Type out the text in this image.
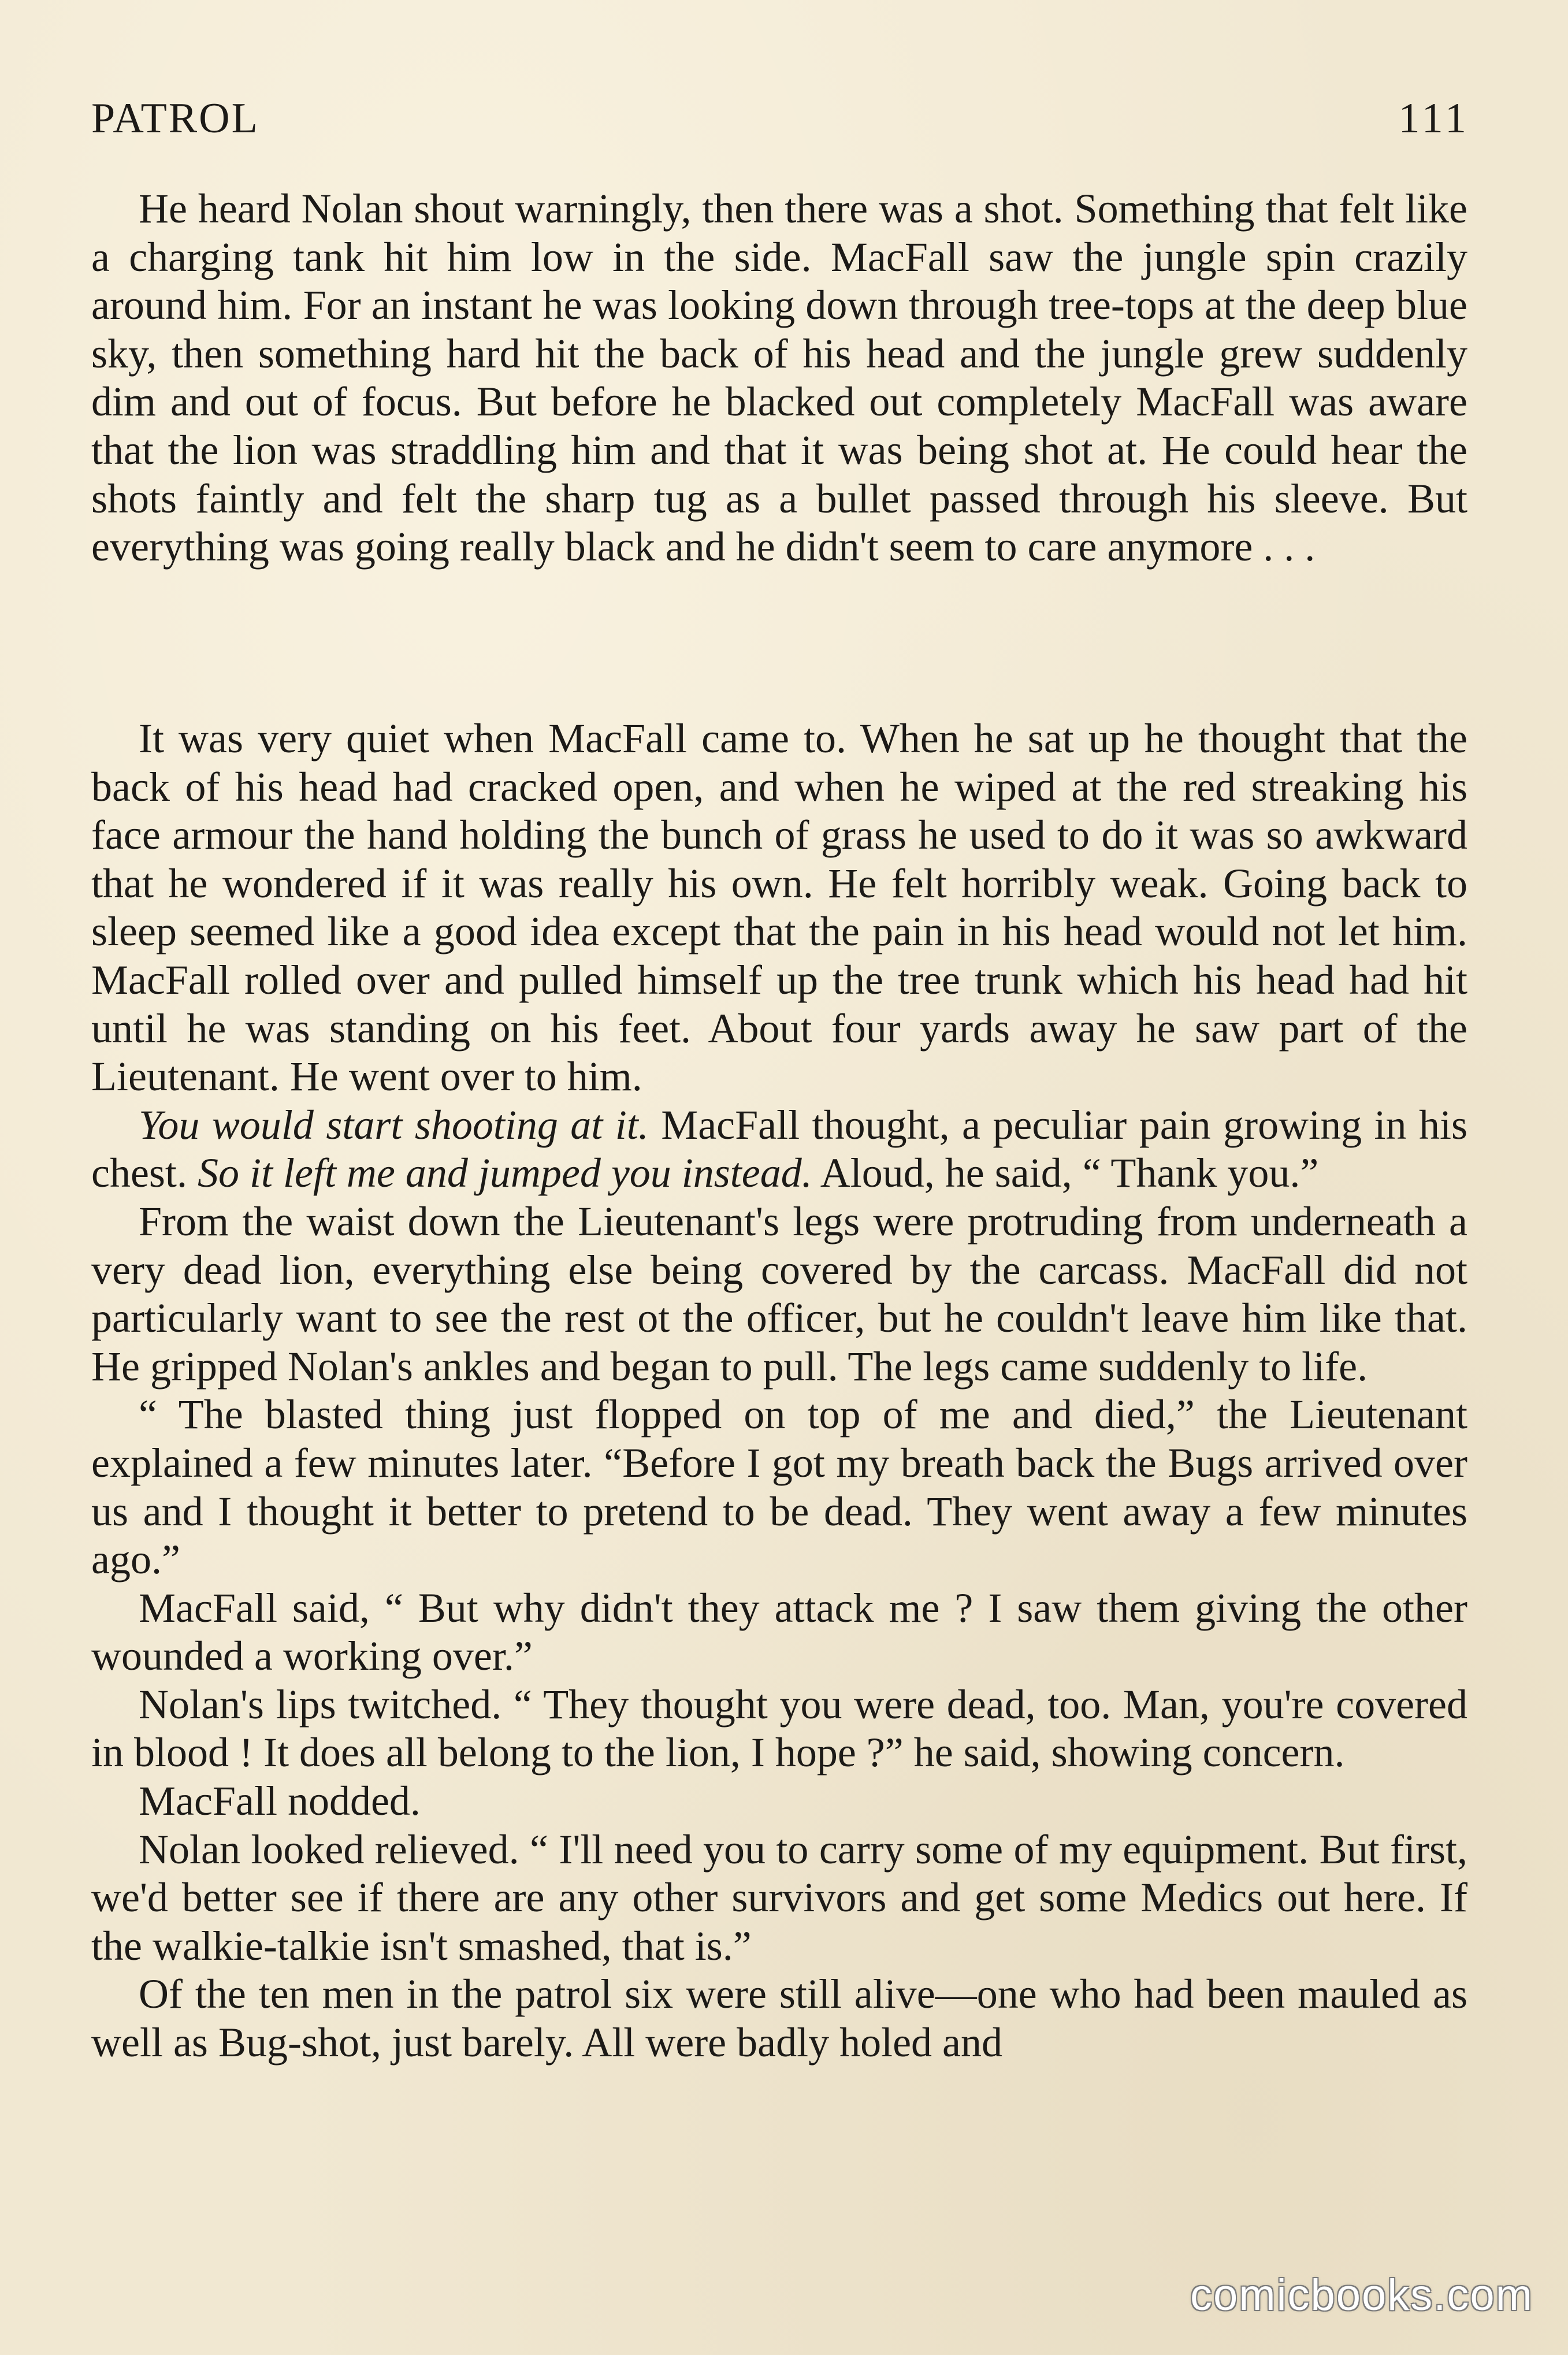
PATROL	111

He heard Nolan shout warningly, then there was a shot. Something that felt like a charging tank hit him low in the side. MacFall saw the jungle spin crazily around him. For an instant he was looking down through tree-tops at the deep blue sky, then something hard hit the back of his head and the jungle grew suddenly dim and out of focus. But before he blacked out completely MacFall was aware that the lion was straddling him and that it was being shot at. He could hear the shots faintly and felt the sharp tug as a bullet passed through his sleeve. But everything was going really black and he didn't seem to care anymore . . .

It was very quiet when MacFall came to. When he sat up he thought that the back of his head had cracked open, and when he wiped at the red streaking his face armour the hand holding the bunch of grass he used to do it was so awkward that he wondered if it was really his own. He felt horribly weak. Going back to sleep seemed like a good idea except that the pain in his head would not let him. MacFall rolled over and pulled himself up the tree trunk which his head had hit until he was standing on his feet. About four yards away he saw part of the Lieutenant. He went over to him.

You would start shooting at it. MacFall thought, a peculiar pain growing in his chest. So it left me and jumped you instead. Aloud, he said, “ Thank you.”

From the waist down the Lieutenant's legs were protruding from underneath a very dead lion, everything else being covered by the carcass. MacFall did not particularly want to see the rest ot the officer, but he couldn't leave him like that. He gripped Nolan's ankles and began to pull. The legs came suddenly to life.

“ The blasted thing just flopped on top of me and died,” the Lieutenant explained a few minutes later. “Before I got my breath back the Bugs arrived over us and I thought it better to pretend to be dead. They went away a few minutes ago.”

MacFall said, “ But why didn't they attack me ? I saw them giving the other wounded a working over.”

Nolan's lips twitched. “ They thought you were dead, too. Man, you're covered in blood ! It does all belong to the lion, I hope ?” he said, showing concern.

MacFall nodded.

Nolan looked relieved. “ I'll need you to carry some of my equipment. But first, we'd better see if there are any other survivors and get some Medics out here. If the walkie-talkie isn't smashed, that is.”

Of the ten men in the patrol six were still alive—one who had been mauled as well as Bug-shot, just barely. All were badly holed and

comicbooks.com
